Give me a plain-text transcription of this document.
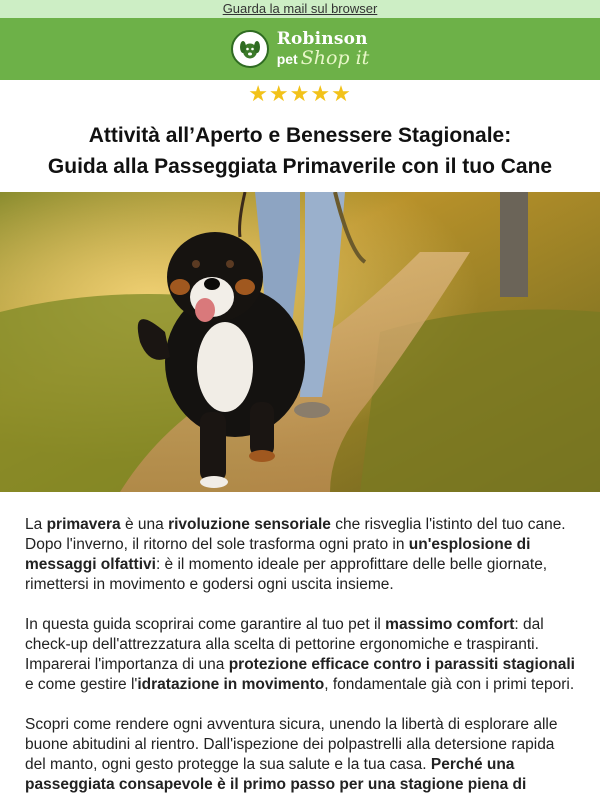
Guarda la mail sul browser
Robinson
pet Shop it
★★★★★
Attività all’Aperto e Benessere Stagionale:
Guida alla Passeggiata Primaverile con il tuo Cane

La primavera è una rivoluzione sensoriale che risveglia l'istinto del tuo cane. Dopo l'inverno, il ritorno del sole trasforma ogni prato in un'esplosione di messaggi olfattivi: è il momento ideale per approfittare delle belle giornate, rimettersi in movimento e godersi ogni uscita insieme.

In questa guida scoprirai come garantire al tuo pet il massimo comfort: dal check-up dell'attrezzatura alla scelta di pettorine ergonomiche e traspiranti. Imparerai l'importanza di una protezione efficace contro i parassiti stagionali e come gestire l'idratazione in movimento, fondamentale già con i primi tepori.

Scopri come rendere ogni avventura sicura, unendo la libertà di esplorare alle buone abitudini al rientro. Dall'ispezione dei polpastrelli alla detersione rapida del manto, ogni gesto protegge la sua salute e la tua casa. Perché una passeggiata consapevole è il primo passo per una stagione piena di
